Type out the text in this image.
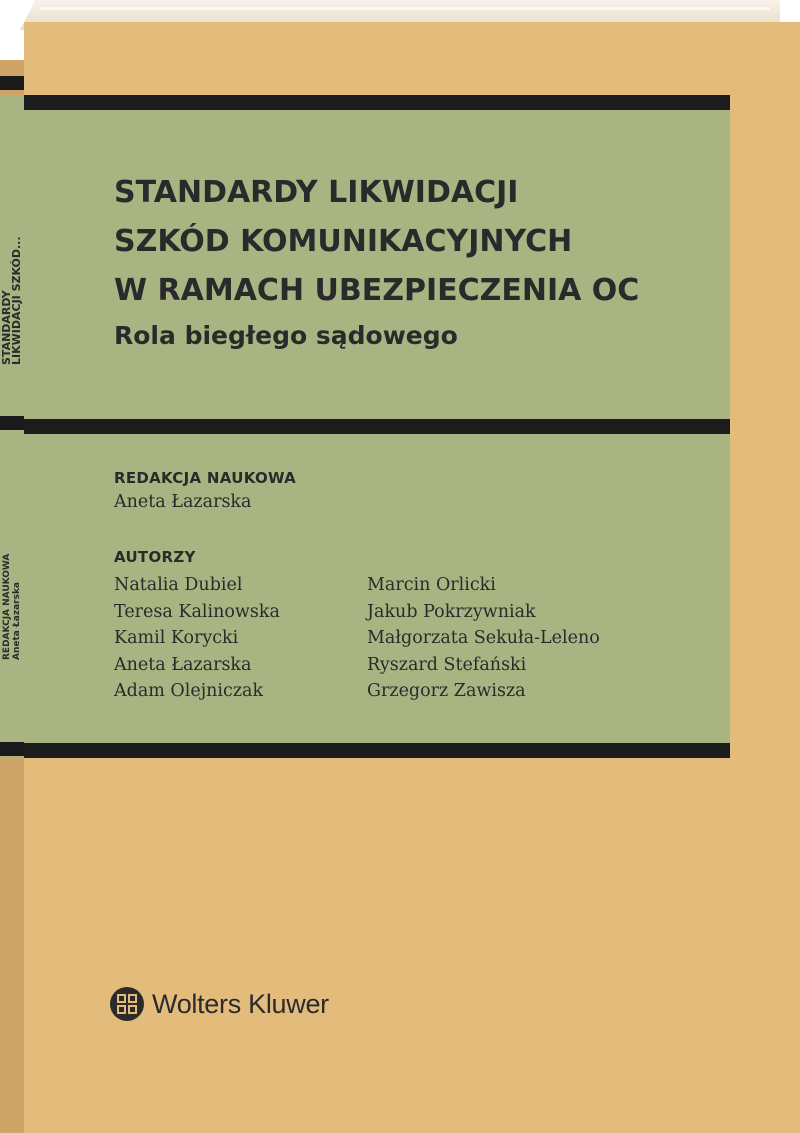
STANDARDY
LIKWIDACJI SZKÓD...
REDAKCJA NAUKOWA
Aneta Łazarska
STANDARDY LIKWIDACJI
SZKÓD KOMUNIKACYJNYCH
W RAMACH UBEZPIECZENIA OC
Rola biegłego sądowego
REDAKCJA NAUKOWA
Aneta Łazarska
AUTORZY
Natalia Dubiel
Teresa Kalinowska
Kamil Korycki
Aneta Łazarska
Adam Olejniczak
Marcin Orlicki
Jakub Pokrzywniak
Małgorzata Sekuła-Leleno
Ryszard Stefański
Grzegorz Zawisza
Wolters Kluwer
